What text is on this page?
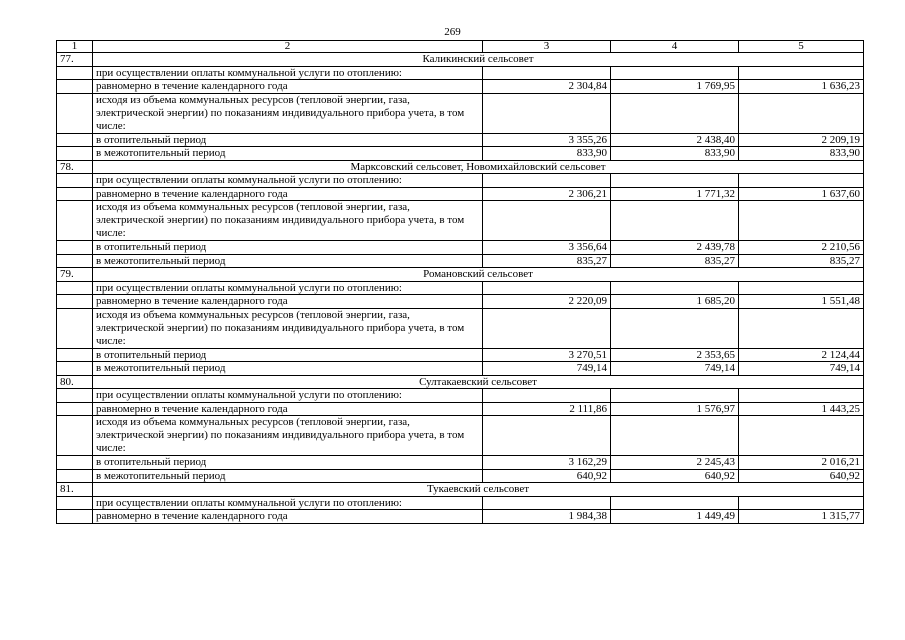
269
1	2	3	4	5
77.	Каликинский сельсовет			
	при осуществлении оплаты коммунальной услуги по отоплению:			
	равномерно в течение календарного года	2 304,84	1 769,95	1 636,23
	исходя из объема коммунальных ресурсов (тепловой энергии, газа, электрической энергии) по показаниям индивидуального прибора учета, в том числе:			
	в отопительный период	3 355,26	2 438,40	2 209,19
	в межотопительный период	833,90	833,90	833,90
78.	Марксовский сельсовет, Новомихайловский сельсовет			
	при осуществлении оплаты коммунальной услуги по отоплению:			
	равномерно в течение календарного года	2 306,21	1 771,32	1 637,60
	исходя из объема коммунальных ресурсов (тепловой энергии, газа, электрической энергии) по показаниям индивидуального прибора учета, в том числе:			
	в отопительный период	3 356,64	2 439,78	2 210,56
	в межотопительный период	835,27	835,27	835,27
79.	Романовский сельсовет			
	при осуществлении оплаты коммунальной услуги по отоплению:			
	равномерно в течение календарного года	2 220,09	1 685,20	1 551,48
	исходя из объема коммунальных ресурсов (тепловой энергии, газа, электрической энергии) по показаниям индивидуального прибора учета, в том числе:			
	в отопительный период	3 270,51	2 353,65	2 124,44
	в межотопительный период	749,14	749,14	749,14
80.	Султакаевский сельсовет			
	при осуществлении оплаты коммунальной услуги по отоплению:			
	равномерно в течение календарного года	2 111,86	1 576,97	1 443,25
	исходя из объема коммунальных ресурсов (тепловой энергии, газа, электрической энергии) по показаниям индивидуального прибора учета, в том числе:			
	в отопительный период	3 162,29	2 245,43	2 016,21
	в межотопительный период	640,92	640,92	640,92
81.	Тукаевский сельсовет			
	при осуществлении оплаты коммунальной услуги по отоплению:			
	равномерно в течение календарного года	1 984,38	1 449,49	1 315,77
